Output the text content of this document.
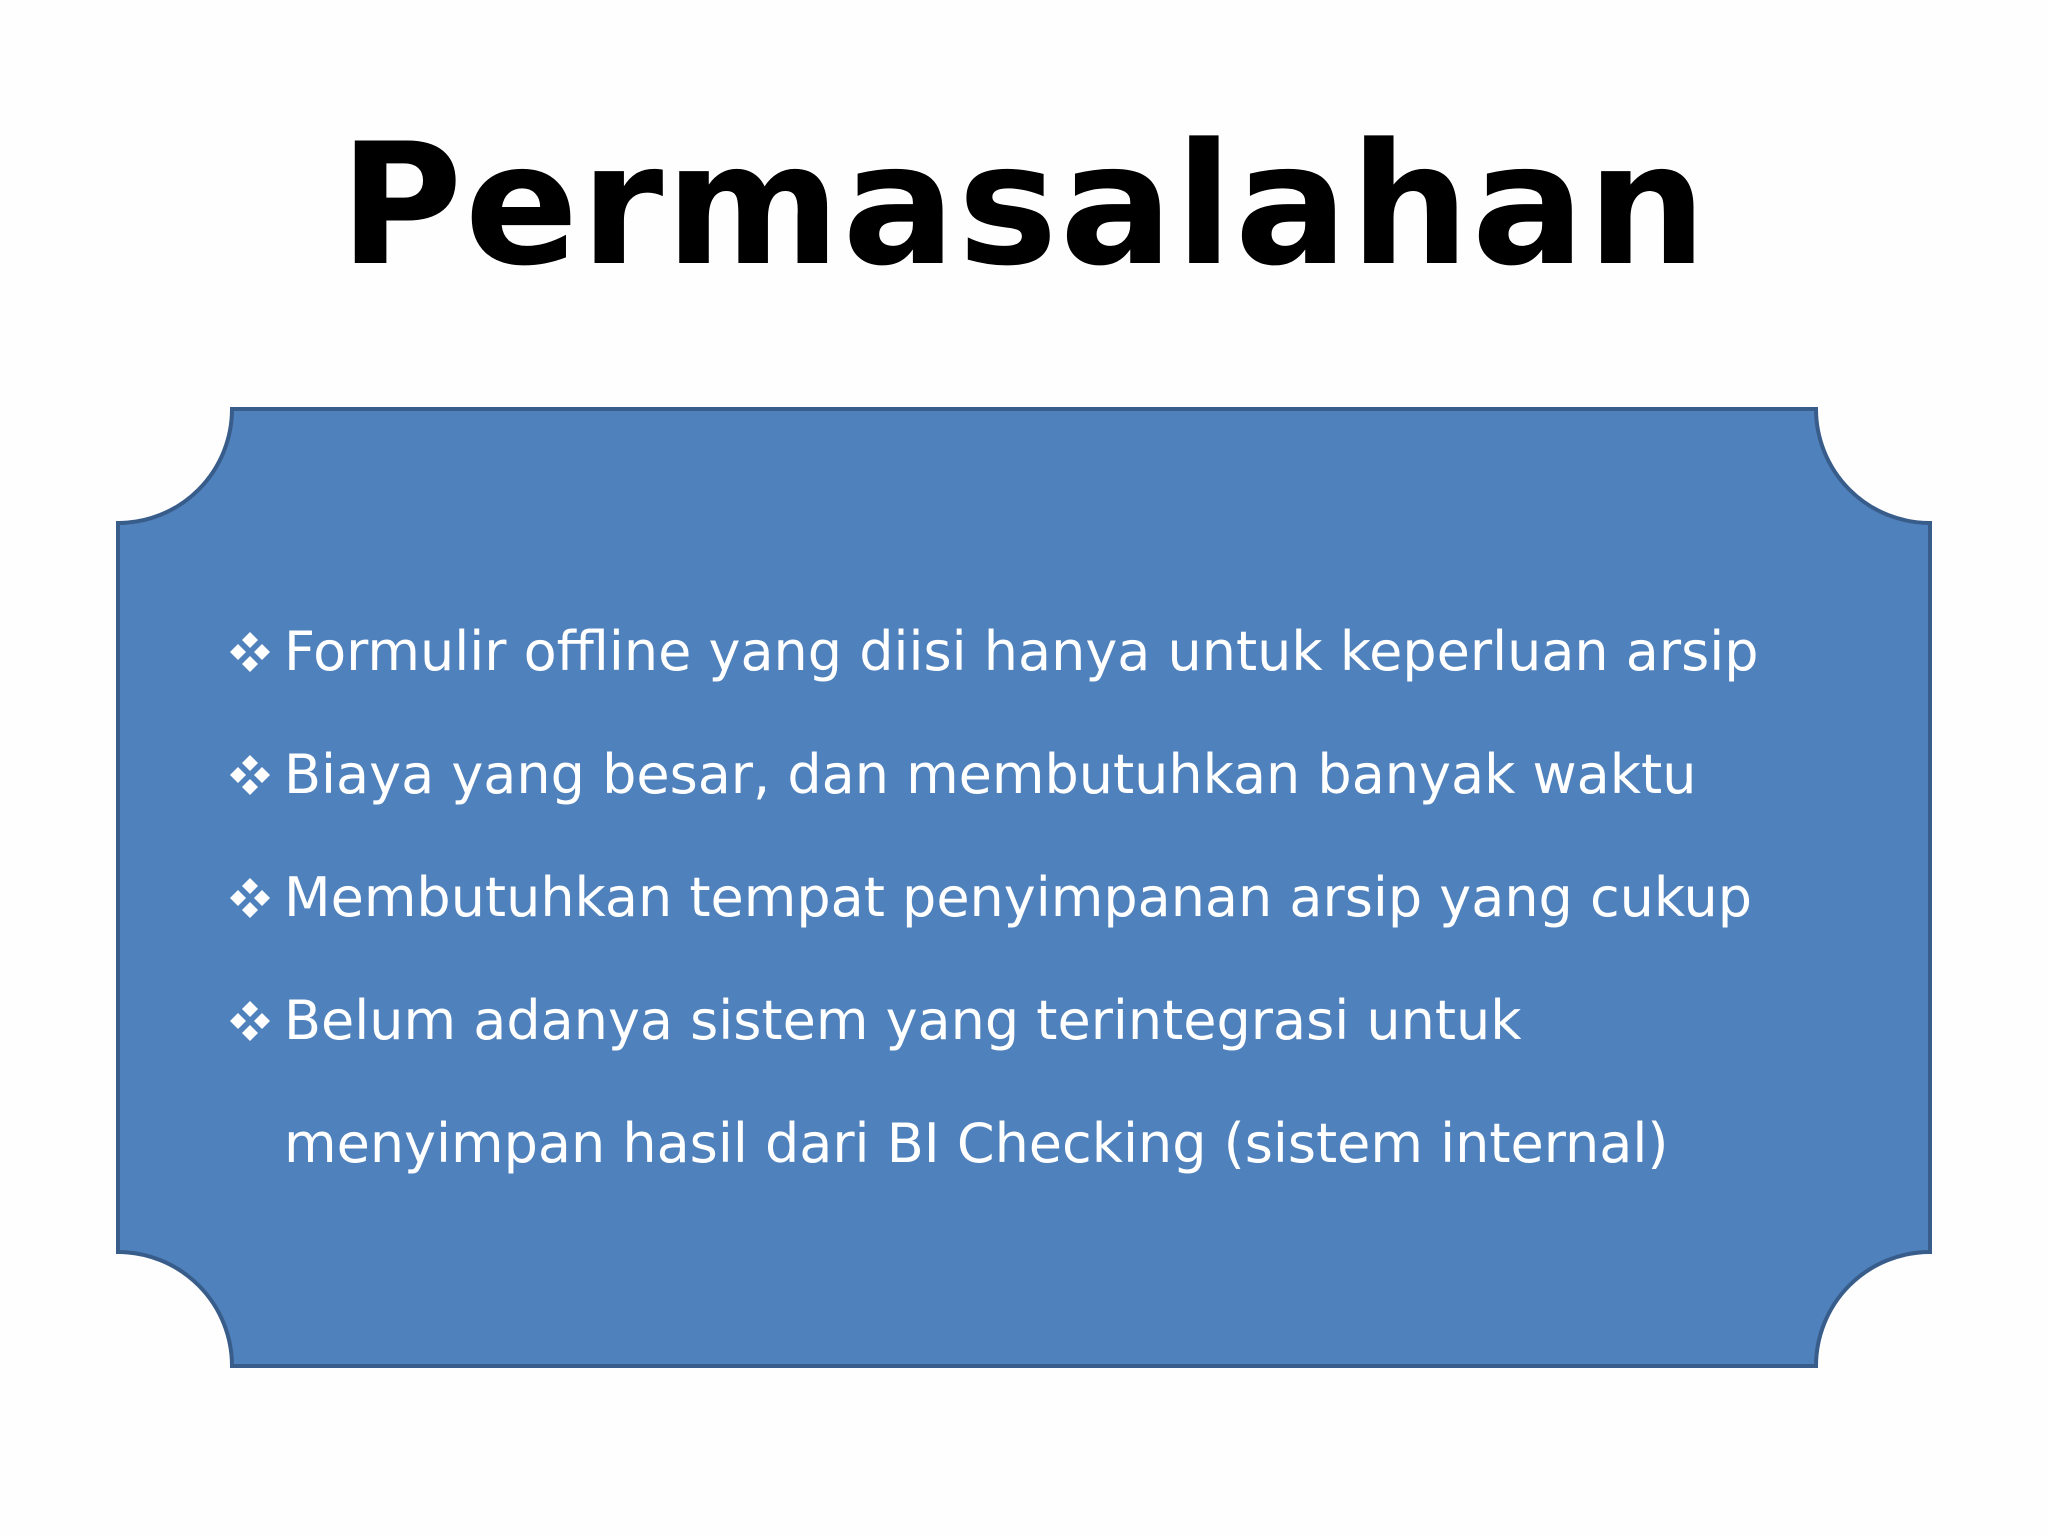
Permasalahan
Formulir offline yang diisi hanya untuk keperluan arsip
Biaya yang besar, dan membutuhkan banyak waktu
Membutuhkan tempat penyimpanan arsip yang cukup
Belum adanya sistem yang terintegrasi untuk
menyimpan hasil dari BI Checking (sistem internal)
